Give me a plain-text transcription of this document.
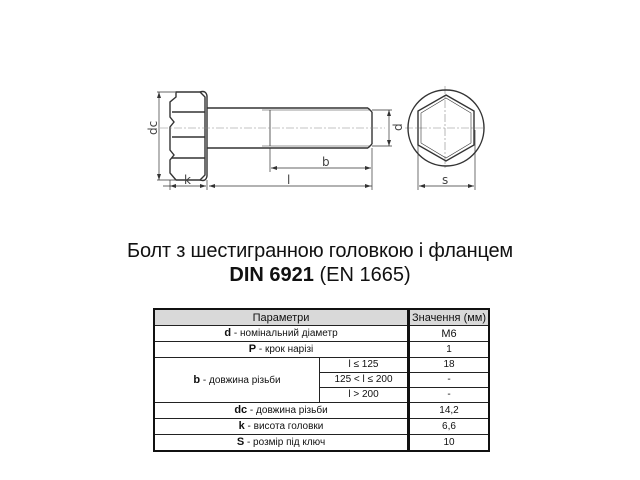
dc
k	l
b
d
s
Болт з шестигранною головкою і фланцем
DIN 6921 (EN 1665)
Параметри		Значення (мм)
d - номінальний діаметр		M6
P - крок нарізі		1
b - довжина різьби	l ≤ 125	18
	125 < l ≤ 200	-
	l > 200	-
dc - довжина різьби		14,2
k - висота головки		6,6
S - розмір під ключ		10
